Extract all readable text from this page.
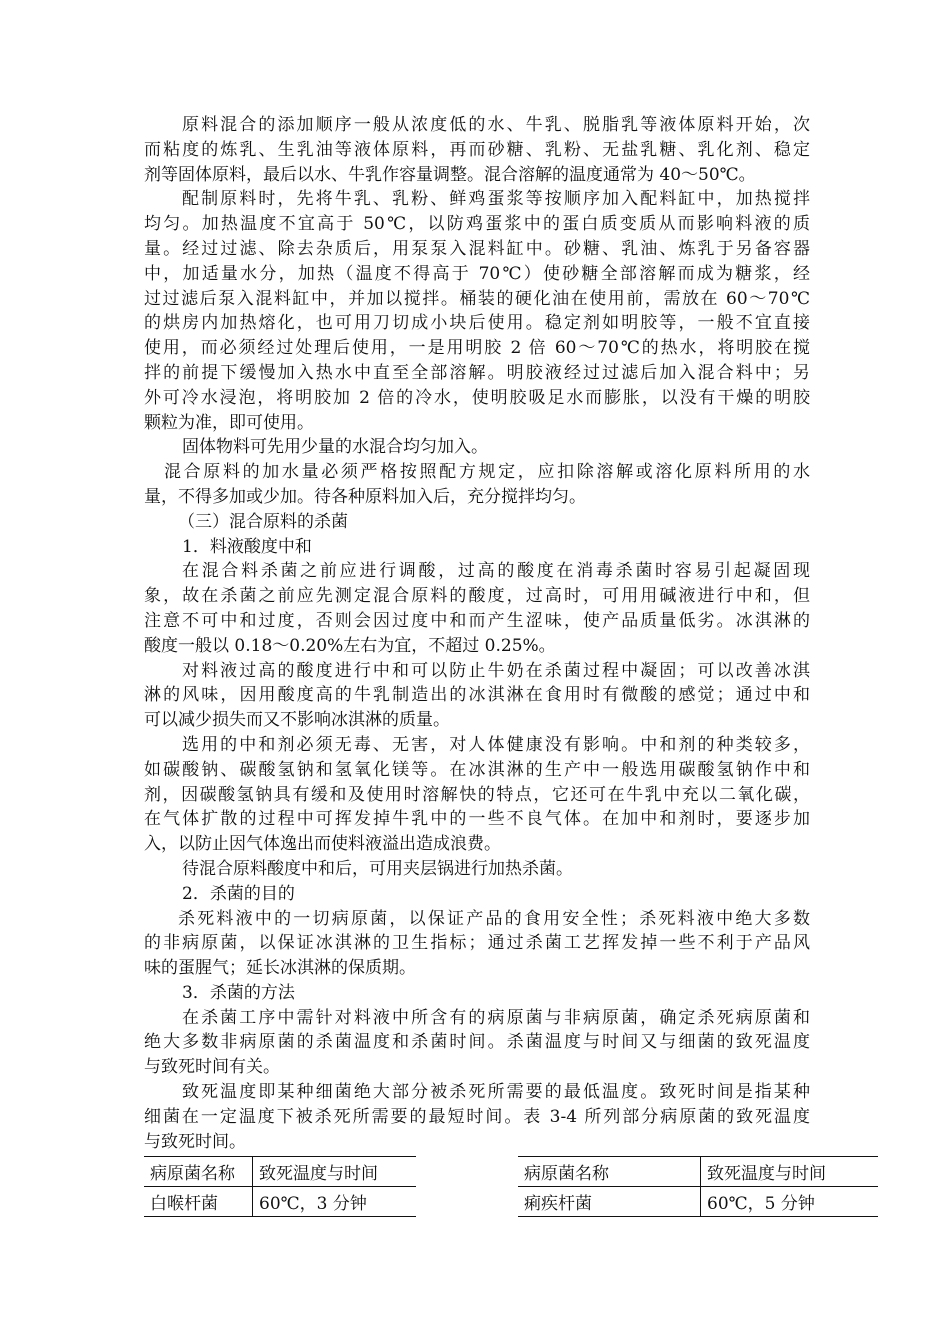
原料混合的添加顺序一般从浓度低的水、牛乳、脱脂乳等液体原料开始，次
而粘度的炼乳、生乳油等液体原料，再而砂糖、乳粉、无盐乳糖、乳化剂、稳定
剂等固体原料，最后以水、牛乳作容量调整。混合溶解的温度通常为 40～50℃。
配制原料时，先将牛乳、乳粉、鲜鸡蛋浆等按顺序加入配料缸中，加热搅拌
均匀。加热温度不宜高于 50℃，以防鸡蛋浆中的蛋白质变质从而影响料液的质
量。经过过滤、除去杂质后，用泵泵入混料缸中。砂糖、乳油、炼乳于另备容器
中，加适量水分，加热（温度不得高于 70℃）使砂糖全部溶解而成为糖浆，经
过过滤后泵入混料缸中，并加以搅拌。桶装的硬化油在使用前，需放在 60～70℃
的烘房内加热熔化，也可用刀切成小块后使用。稳定剂如明胶等，一般不宜直接
使用，而必须经过处理后使用，一是用明胶 2 倍 60～70℃的热水，将明胶在搅
拌的前提下缓慢加入热水中直至全部溶解。明胶液经过过滤后加入混合料中；另
外可冷水浸泡，将明胶加 2 倍的冷水，使明胶吸足水而膨胀，以没有干燥的明胶
颗粒为准，即可使用。
固体物料可先用少量的水混合均匀加入。
混合原料的加水量必须严格按照配方规定，应扣除溶解或溶化原料所用的水
量，不得多加或少加。待各种原料加入后，充分搅拌均匀。
（三）混合原料的杀菌
1．料液酸度中和
在混合料杀菌之前应进行调酸，过高的酸度在消毒杀菌时容易引起凝固现
象，故在杀菌之前应先测定混合原料的酸度，过高时，可用用碱液进行中和，但
注意不可中和过度，否则会因过度中和而产生涩味，使产品质量低劣。冰淇淋的
酸度一般以 0.18～0.20%左右为宜，不超过 0.25%。
对料液过高的酸度进行中和可以防止牛奶在杀菌过程中凝固；可以改善冰淇
淋的风味，因用酸度高的牛乳制造出的冰淇淋在食用时有微酸的感觉；通过中和
可以减少损失而又不影响冰淇淋的质量。
选用的中和剂必须无毒、无害，对人体健康没有影响。中和剂的种类较多，
如碳酸钠、碳酸氢钠和氢氧化镁等。在冰淇淋的生产中一般选用碳酸氢钠作中和
剂，因碳酸氢钠具有缓和及使用时溶解快的特点，它还可在牛乳中充以二氧化碳，
在气体扩散的过程中可挥发掉牛乳中的一些不良气体。在加中和剂时，要逐步加
入，以防止因气体逸出而使料液溢出造成浪费。
待混合原料酸度中和后，可用夹层锅进行加热杀菌。
2．杀菌的目的
杀死料液中的一切病原菌，以保证产品的食用安全性；杀死料液中绝大多数
的非病原菌，以保证冰淇淋的卫生指标；通过杀菌工艺挥发掉一些不利于产品风
味的蛋腥气；延长冰淇淋的保质期。
3．杀菌的方法
在杀菌工序中需针对料液中所含有的病原菌与非病原菌，确定杀死病原菌和
绝大多数非病原菌的杀菌温度和杀菌时间。杀菌温度与时间又与细菌的致死温度
与致死时间有关。
致死温度即某种细菌绝大部分被杀死所需要的最低温度。致死时间是指某种
细菌在一定温度下被杀死所需要的最短时间。表 3-4 所列部分病原菌的致死温度
与致死时间。
病原菌名称	致死温度与时间
白喉杆菌	60℃，3 分钟
病原菌名称	致死温度与时间
痢疾杆菌	60℃，5 分钟
